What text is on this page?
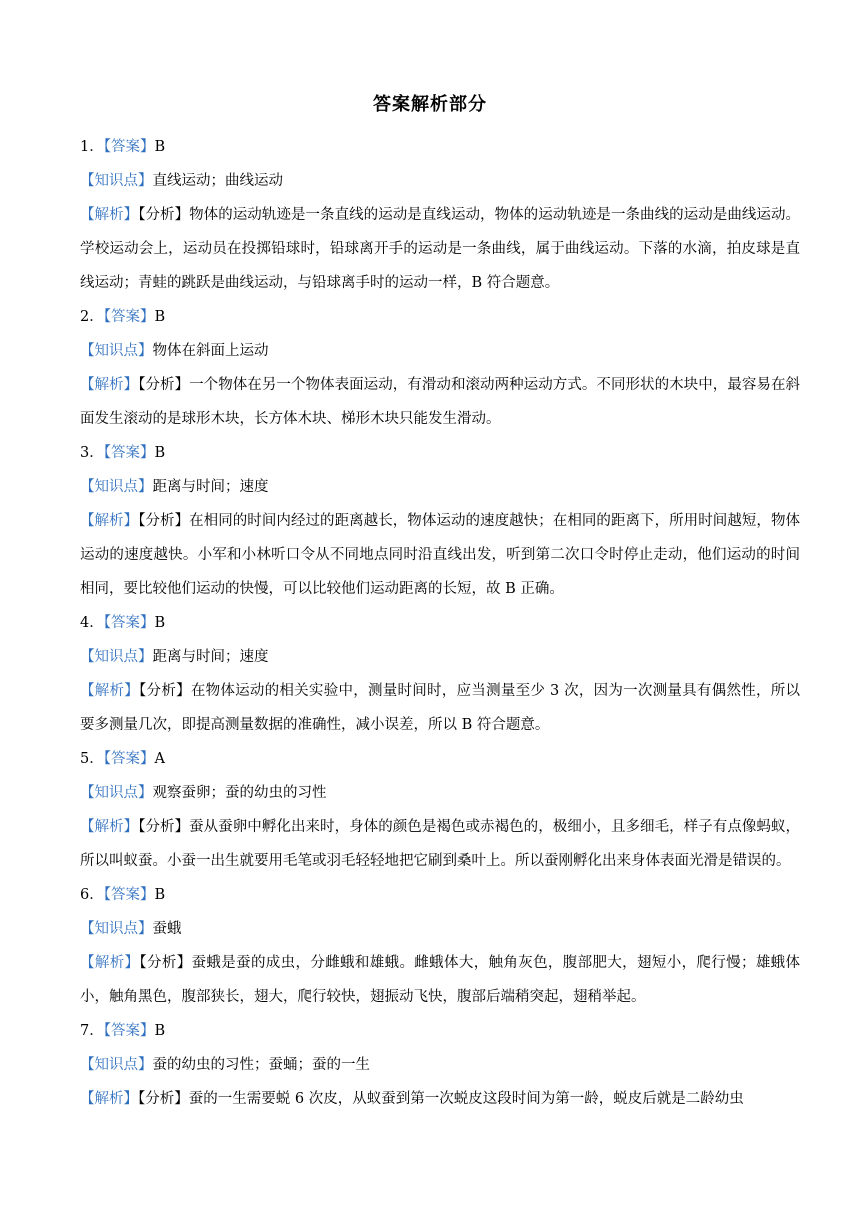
答案解析部分
1．【答案】B
【知识点】直线运动；曲线运动
【解析】【分析】物体的运动轨迹是一条直线的运动是直线运动，物体的运动轨迹是一条曲线的运动是曲线运动。学校运动会上，运动员在投掷铅球时，铅球离开手的运动是一条曲线，属于曲线运动。下落的水滴，拍皮球是直线运动；青蛙的跳跃是曲线运动，与铅球离手时的运动一样，B 符合题意。
2．【答案】B
【知识点】物体在斜面上运动
【解析】【分析】一个物体在另一个物体表面运动，有滑动和滚动两种运动方式。不同形状的木块中，最容易在斜面发生滚动的是球形木块，长方体木块、梯形木块只能发生滑动。
3．【答案】B
【知识点】距离与时间；速度
【解析】【分析】在相同的时间内经过的距离越长，物体运动的速度越快；在相同的距离下，所用时间越短，物体运动的速度越快。小军和小林听口令从不同地点同时沿直线出发，听到第二次口令时停止走动，他们运动的时间相同，要比较他们运动的快慢，可以比较他们运动距离的长短，故 B 正确。
4．【答案】B
【知识点】距离与时间；速度
【解析】【分析】在物体运动的相关实验中，测量时间时，应当测量至少 3 次，因为一次测量具有偶然性，所以要多测量几次，即提高测量数据的准确性，减小误差，所以 B 符合题意。
5．【答案】A
【知识点】观察蚕卵；蚕的幼虫的习性
【解析】【分析】蚕从蚕卵中孵化出来时，身体的颜色是褐色或赤褐色的，极细小，且多细毛，样子有点像蚂蚁，所以叫蚁蚕。小蚕一出生就要用毛笔或羽毛轻轻地把它刷到桑叶上。所以蚕刚孵化出来身体表面光滑是错误的。
6．【答案】B
【知识点】蚕蛾
【解析】【分析】蚕蛾是蚕的成虫，分雌蛾和雄蛾。雌蛾体大，触角灰色，腹部肥大，翅短小，爬行慢；雄蛾体小，触角黑色，腹部狭长，翅大，爬行较快，翅振动飞快，腹部后端稍突起，翅稍举起。
7．【答案】B
【知识点】蚕的幼虫的习性；蚕蛹；蚕的一生
【解析】【分析】蚕的一生需要蜕 6 次皮，从蚁蚕到第一次蜕皮这段时间为第一龄，蜕皮后就是二龄幼虫
